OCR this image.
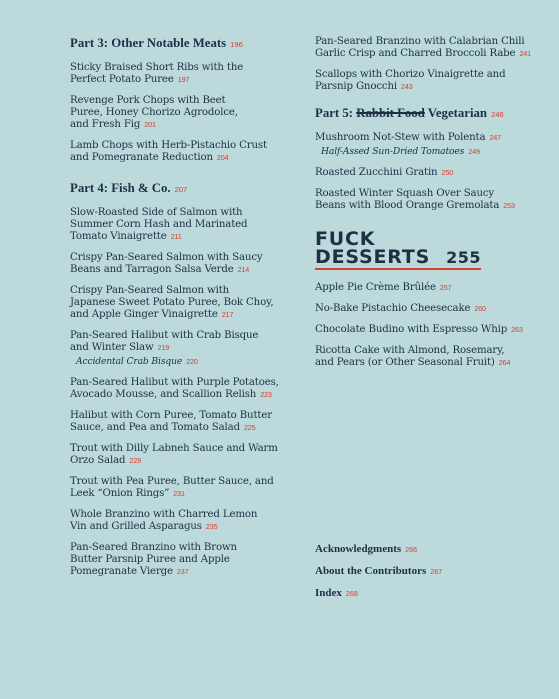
Part 3: Other Notable Meats 196
Sticky Braised Short Ribs with the
Perfect Potato Puree 197
Revenge Pork Chops with Beet
Puree, Honey Chorizo Agrodolce,
and Fresh Fig 201
Lamb Chops with Herb-Pistachio Crust
and Pomegranate Reduction 204
Part 4: Fish & Co. 207
Slow-Roasted Side of Salmon with
Summer Corn Hash and Marinated
Tomato Vinaigrette 211
Crispy Pan-Seared Salmon with Saucy
Beans and Tarragon Salsa Verde 214
Crispy Pan-Seared Salmon with
Japanese Sweet Potato Puree, Bok Choy,
and Apple Ginger Vinaigrette 217
Pan-Seared Halibut with Crab Bisque
and Winter Slaw 219
Accidental Crab Bisque 220
Pan-Seared Halibut with Purple Potatoes,
Avocado Mousse, and Scallion Relish 223
Halibut with Corn Puree, Tomato Butter
Sauce, and Pea and Tomato Salad 225
Trout with Dilly Labneh Sauce and Warm
Orzo Salad 229
Trout with Pea Puree, Butter Sauce, and
Leek “Onion Rings” 231
Whole Branzino with Charred Lemon
Vin and Grilled Asparagus 235
Pan-Seared Branzino with Brown
Butter Parsnip Puree and Apple
Pomegranate Vierge 237
Pan-Seared Branzino with Calabrian Chili
Garlic Crisp and Charred Broccoli Rabe 241
Scallops with Chorizo Vinaigrette and
Parsnip Gnocchi 243
Part 5: Rabbit Food Vegetarian 246
Mushroom Not-Stew with Polenta 247
Half-Assed Sun-Dried Tomatoes 249
Roasted Zucchini Gratin 250
Roasted Winter Squash Over Saucy
Beans with Blood Orange Gremolata 253
FUCK
DESSERTS 255
Apple Pie Crème Brûlée 257
No-Bake Pistachio Cheesecake 260
Chocolate Budino with Espresso Whip 263
Ricotta Cake with Almond, Rosemary,
and Pears (or Other Seasonal Fruit) 264
Acknowledgments 266
About the Contributors 267
Index 268
